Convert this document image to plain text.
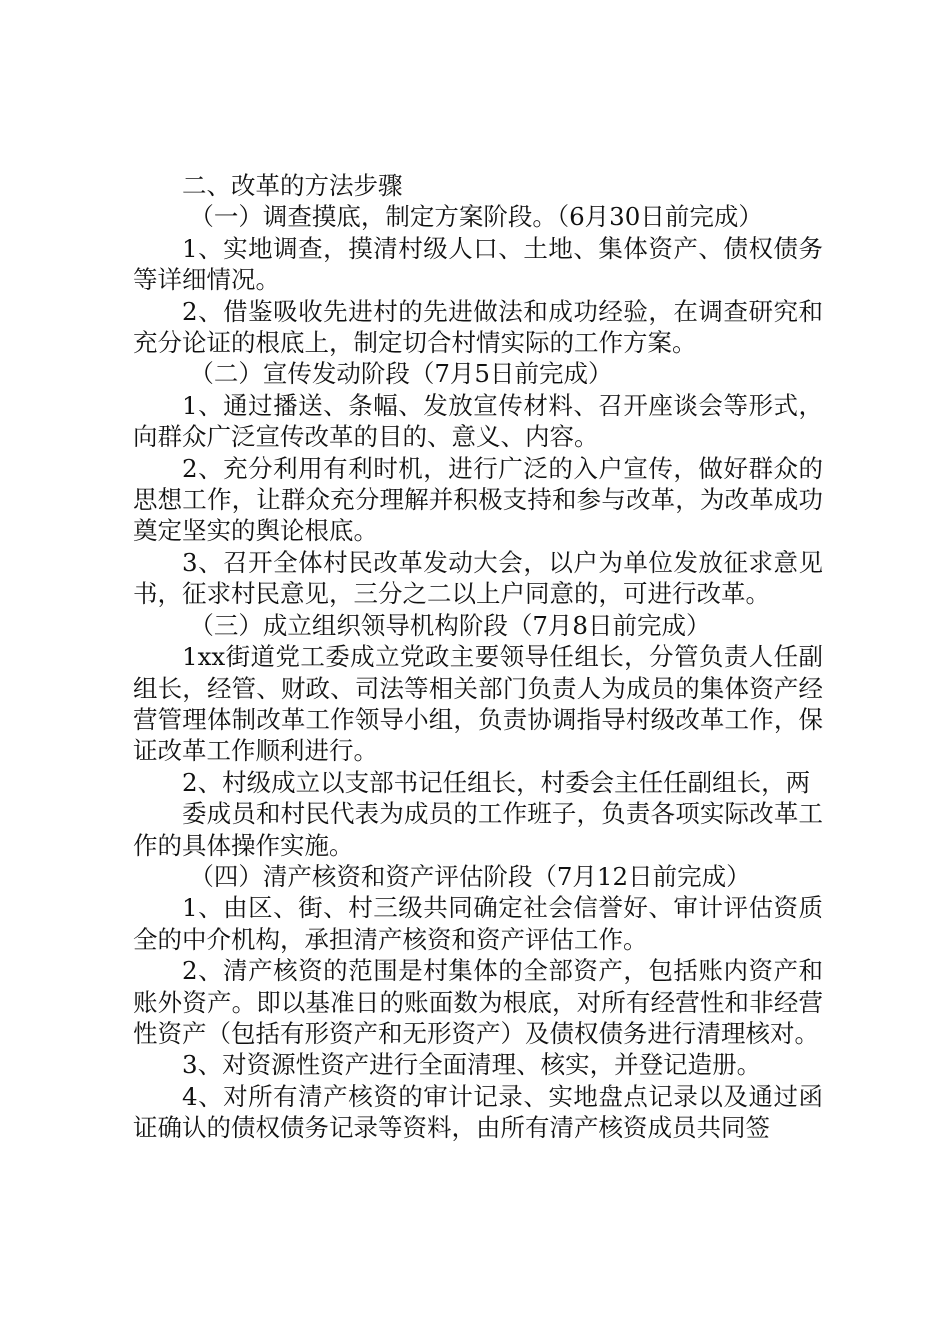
二、改革的方法步骤

（一）调查摸底，制定方案阶段。（6月30日前完成）

1、实地调查，摸清村级人口、土地、集体资产、债权债务等详细情况。

2、借鉴吸收先进村的先进做法和成功经验，在调查研究和充分论证的根底上，制定切合村情实际的工作方案。

（二）宣传发动阶段（7月5日前完成）

1、通过播送、条幅、发放宣传材料、召开座谈会等形式，向群众广泛宣传改革的目的、意义、内容。

2、充分利用有利时机，进行广泛的入户宣传，做好群众的思想工作，让群众充分理解并积极支持和参与改革，为改革成功奠定坚实的舆论根底。

3、召开全体村民改革发动大会，以户为单位发放征求意见书，征求村民意见，三分之二以上户同意的，可进行改革。

（三）成立组织领导机构阶段（7月8日前完成）

1xx街道党工委成立党政主要领导任组长，分管负责人任副组长，经管、财政、司法等相关部门负责人为成员的集体资产经营管理体制改革工作领导小组，负责协调指导村级改革工作，保证改革工作顺利进行。

2、村级成立以支部书记任组长，村委会主任任副组长，两

委成员和村民代表为成员的工作班子，负责各项实际改革工作的具体操作实施。

（四）清产核资和资产评估阶段（7月12日前完成）

1、由区、街、村三级共同确定社会信誉好、审计评估资质全的中介机构，承担清产核资和资产评估工作。

2、清产核资的范围是村集体的全部资产，包括账内资产和账外资产。即以基准日的账面数为根底，对所有经营性和非经营性资产（包括有形资产和无形资产）及债权债务进行清理核对。

3、对资源性资产进行全面清理、核实，并登记造册。

4、对所有清产核资的审计记录、实地盘点记录以及通过函证确认的债权债务记录等资料，由所有清产核资成员共同签
